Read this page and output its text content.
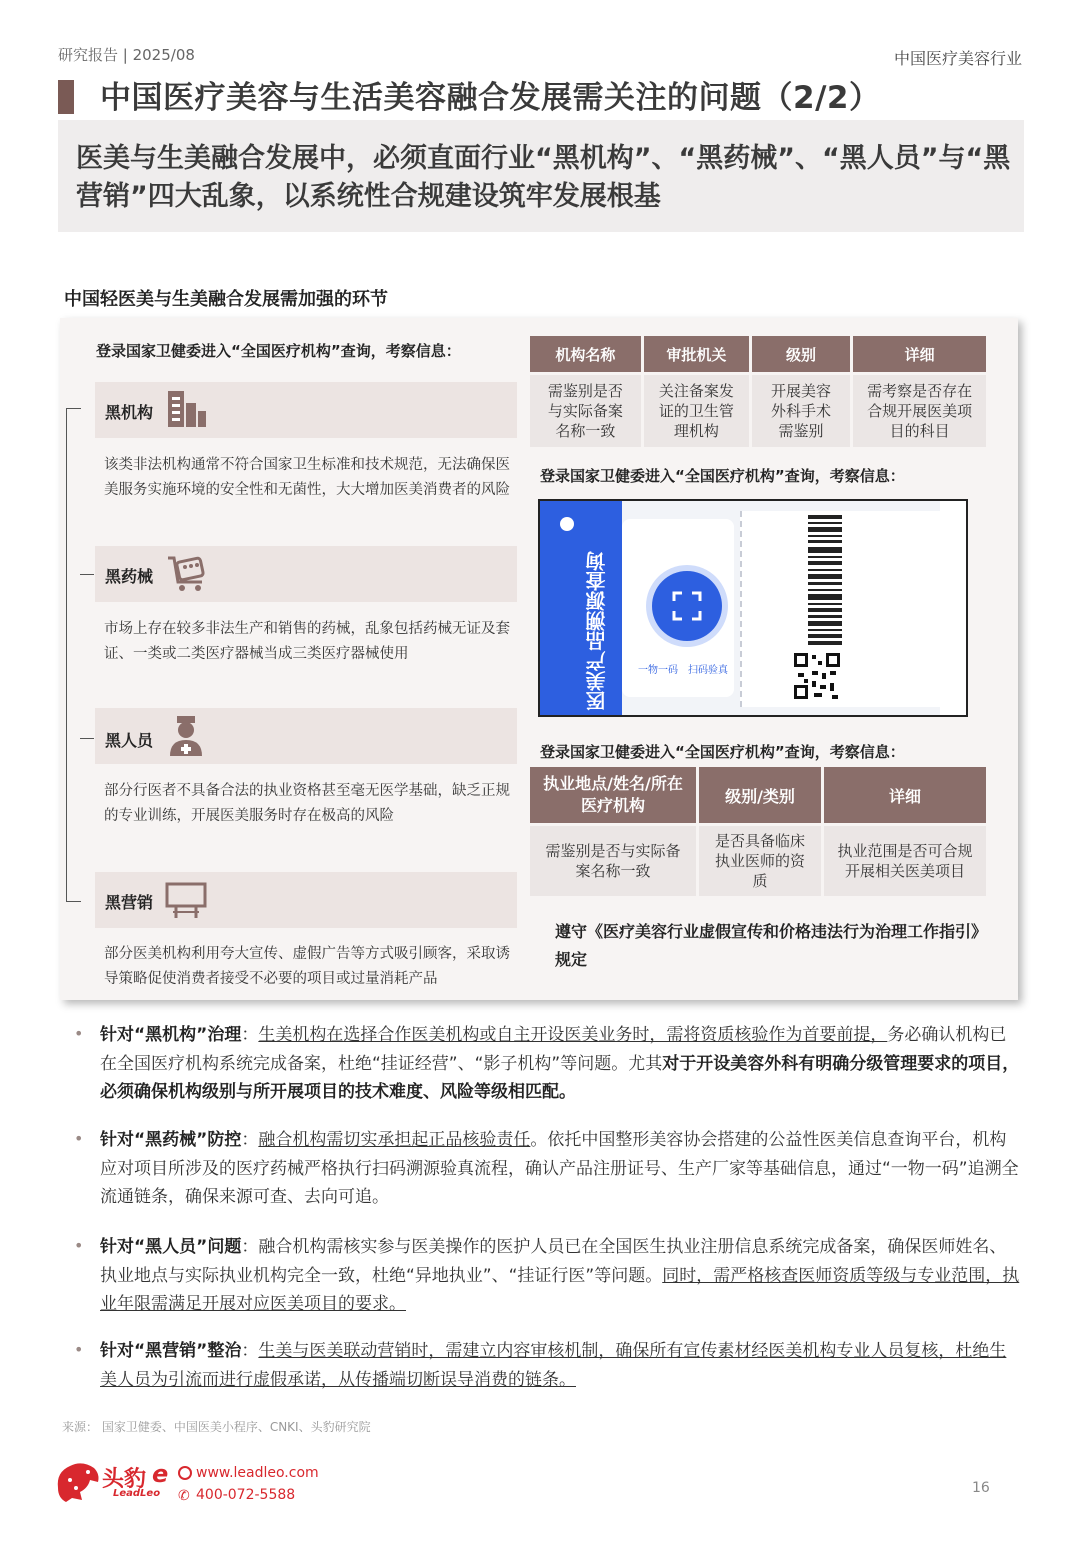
研究报告 | 2025/08	中国医疗美容行业
中国医疗美容与生活美容融合发展需关注的问题（2/2）
医美与生美融合发展中，必须直面行业“黑机构”、“黑药械”、“黑人员”与“黑营销”四大乱象，以系统性合规建设筑牢发展根基
中国轻医美与生美融合发展需加强的环节
登录国家卫健委进入“全国医疗机构”查询，考察信息：
黑机构
该类非法机构通常不符合国家卫生标准和技术规范，无法确保医美服务实施环境的安全性和无菌性，大大增加医美消费者的风险
黑药械
市场上存在较多非法生产和销售的药械，乱象包括药械无证及套证、一类或二类医疗器械当成三类医疗器械使用
黑人员
部分行医者不具备合法的执业资格甚至毫无医学基础，缺乏正规的专业训练，开展医美服务时存在极高的风险
黑营销
部分医美机构利用夸大宣传、虚假广告等方式吸引顾客，采取诱导策略促使消费者接受不必要的项目或过量消耗产品
机构名称	审批机关	级别	详细
需鉴别是否与实际备案名称一致	关注备案发证的卫生管理机构	开展美容外科手术需鉴别	需考察是否存在合规开展医美项目的科目
登录国家卫健委进入“全国医疗机构”查询，考察信息：
医美产品溯源查询	一物一码 扫码验真
登录国家卫健委进入“全国医疗机构”查询，考察信息：
执业地点/姓名/所在医疗机构	级别/类别	详细
需鉴别是否与实际备案名称一致	是否具备临床执业医师的资质	执业范围是否可合规开展相关医美项目
遵守《医疗美容行业虚假宣传和价格违法行为治理工作指引》规定
• 针对“黑机构”治理：生美机构在选择合作医美机构或自主开设医美业务时，需将资质核验作为首要前提，务必确认机构已在全国医疗机构系统完成备案，杜绝“挂证经营”、“影子机构”等问题。尤其对于开设美容外科有明确分级管理要求的项目，必须确保机构级别与所开展项目的技术难度、风险等级相匹配。
• 针对“黑药械”防控：融合机构需切实承担起正品核验责任。依托中国整形美容协会搭建的公益性医美信息查询平台，机构应对项目所涉及的医疗药械严格执行扫码溯源验真流程，确认产品注册证号、生产厂家等基础信息，通过“一物一码”追溯全流通链条，确保来源可查、去向可追。
• 针对“黑人员”问题：融合机构需核实参与医美操作的医护人员已在全国医生执业注册信息系统完成备案，确保医师姓名、执业地点与实际执业机构完全一致，杜绝“异地执业”、“挂证行医”等问题。同时，需严格核查医师资质等级与专业范围，执业年限需满足开展对应医美项目的要求。
• 针对“黑营销”整治：生美与医美联动营销时，需建立内容审核机制，确保所有宣传素材经医美机构专业人员复核，杜绝生美人员为引流而进行虚假承诺，从传播端切断误导消费的链条。
来源： 国家卫健委、中国医美小程序、CNKI、头豹研究院
头豹
LeadLeo
e www.leadleo.com
✆ 400-072-5588	16
